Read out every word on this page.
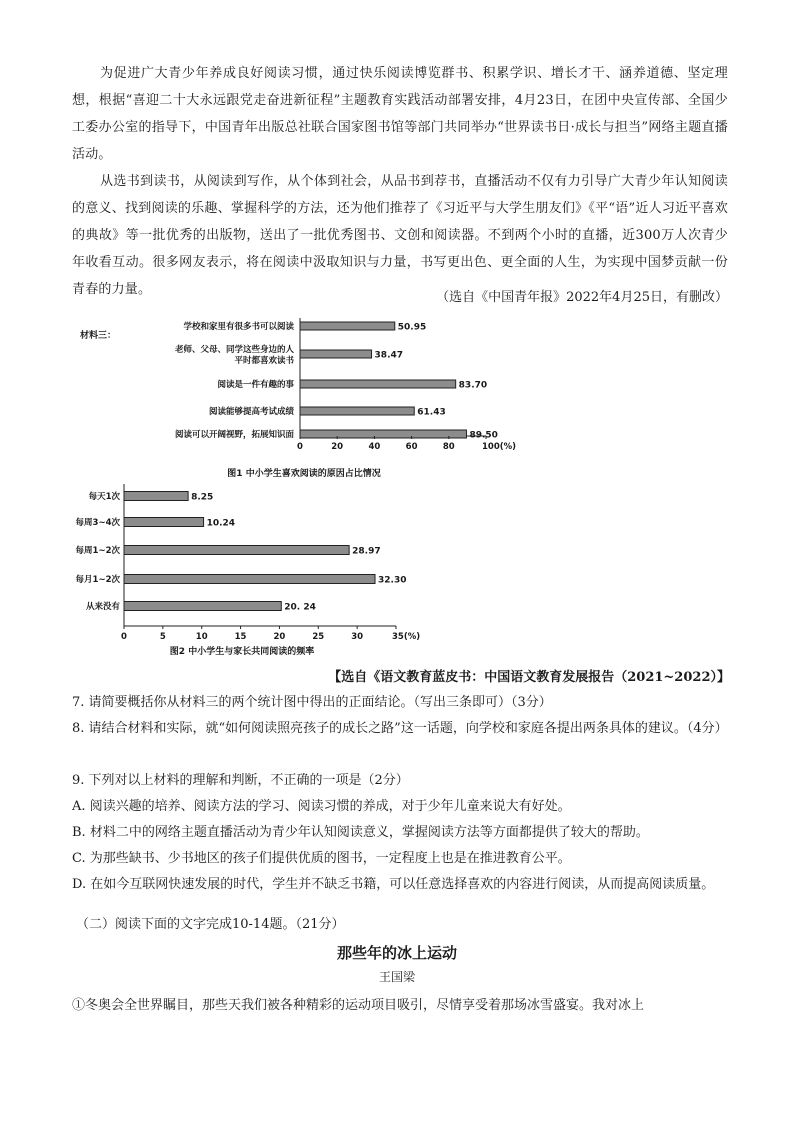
为促进广大青少年养成良好阅读习惯，通过快乐阅读博览群书、积累学识、增长才干、涵养道德、坚定理想，根据“喜迎二十大永远跟党走奋进新征程”主题教育实践活动部署安排，4月23日，在团中央宣传部、全国少工委办公室的指导下，中国青年出版总社联合国家图书馆等部门共同举办“世界读书日·成长与担当”网络主题直播活动。
从选书到读书，从阅读到写作，从个体到社会，从品书到荐书，直播活动不仅有力引导广大青少年认知阅读的意义、找到阅读的乐趣、掌握科学的方法，还为他们推荐了《习近平与大学生朋友们》《平“语”近人习近平喜欢的典故》等一批优秀的出版物，送出了一批优秀图书、文创和阅读器。不到两个小时的直播，近300万人次青少年收看互动。很多网友表示，将在阅读中汲取知识与力量，书写更出色、更全面的人生，为实现中国梦贡献一份青春的力量。
（选自《中国青年报》2022年4月25日，有删改）
材料三：
学校和家里有很多书可以阅读	50.95
老师、父母、同学这些身边的人
平时都喜欢读书
38.47
阅读是一件有趣的事	83.70
阅读能够提高考试成绩	61.43
阅读可以开阔视野，拓展知识面	89.50
0	20	40	60	80	100(%)
图1 中小学生喜欢阅读的原因占比情况
每天1次	8.25
每周3~4次	10.24
每周1~2次	28.97
每月1~2次	32.30
从来没有	20. 24
0	5	10	15	20	25	30	35(%)
图2 中小学生与家长共同阅读的频率
【选自《语文教育蓝皮书：中国语文教育发展报告（2021~2022）】
7. 请简要概括你从材料三的两个统计图中得出的正面结论。（写出三条即可）（3分）
8. 请结合材料和实际，就“如何阅读照亮孩子的成长之路”这一话题，向学校和家庭各提出两条具体的建议。（4分）
9. 下列对以上材料的理解和判断，不正确的一项是（2分）
A. 阅读兴趣的培养、阅读方法的学习、阅读习惯的养成，对于少年儿童来说大有好处。
B. 材料二中的网络主题直播活动为青少年认知阅读意义，掌握阅读方法等方面都提供了较大的帮助。
C. 为那些缺书、少书地区的孩子们提供优质的图书，一定程度上也是在推进教育公平。
D. 在如今互联网快速发展的时代，学生并不缺乏书籍，可以任意选择喜欢的内容进行阅读，从而提高阅读质量。
（二）阅读下面的文字完成10-14题。（21分）
那些年的冰上运动
王国梁
①冬奥会全世界瞩目，那些天我们被各种精彩的运动项目吸引，尽情享受着那场冰雪盛宴。我对冰上
